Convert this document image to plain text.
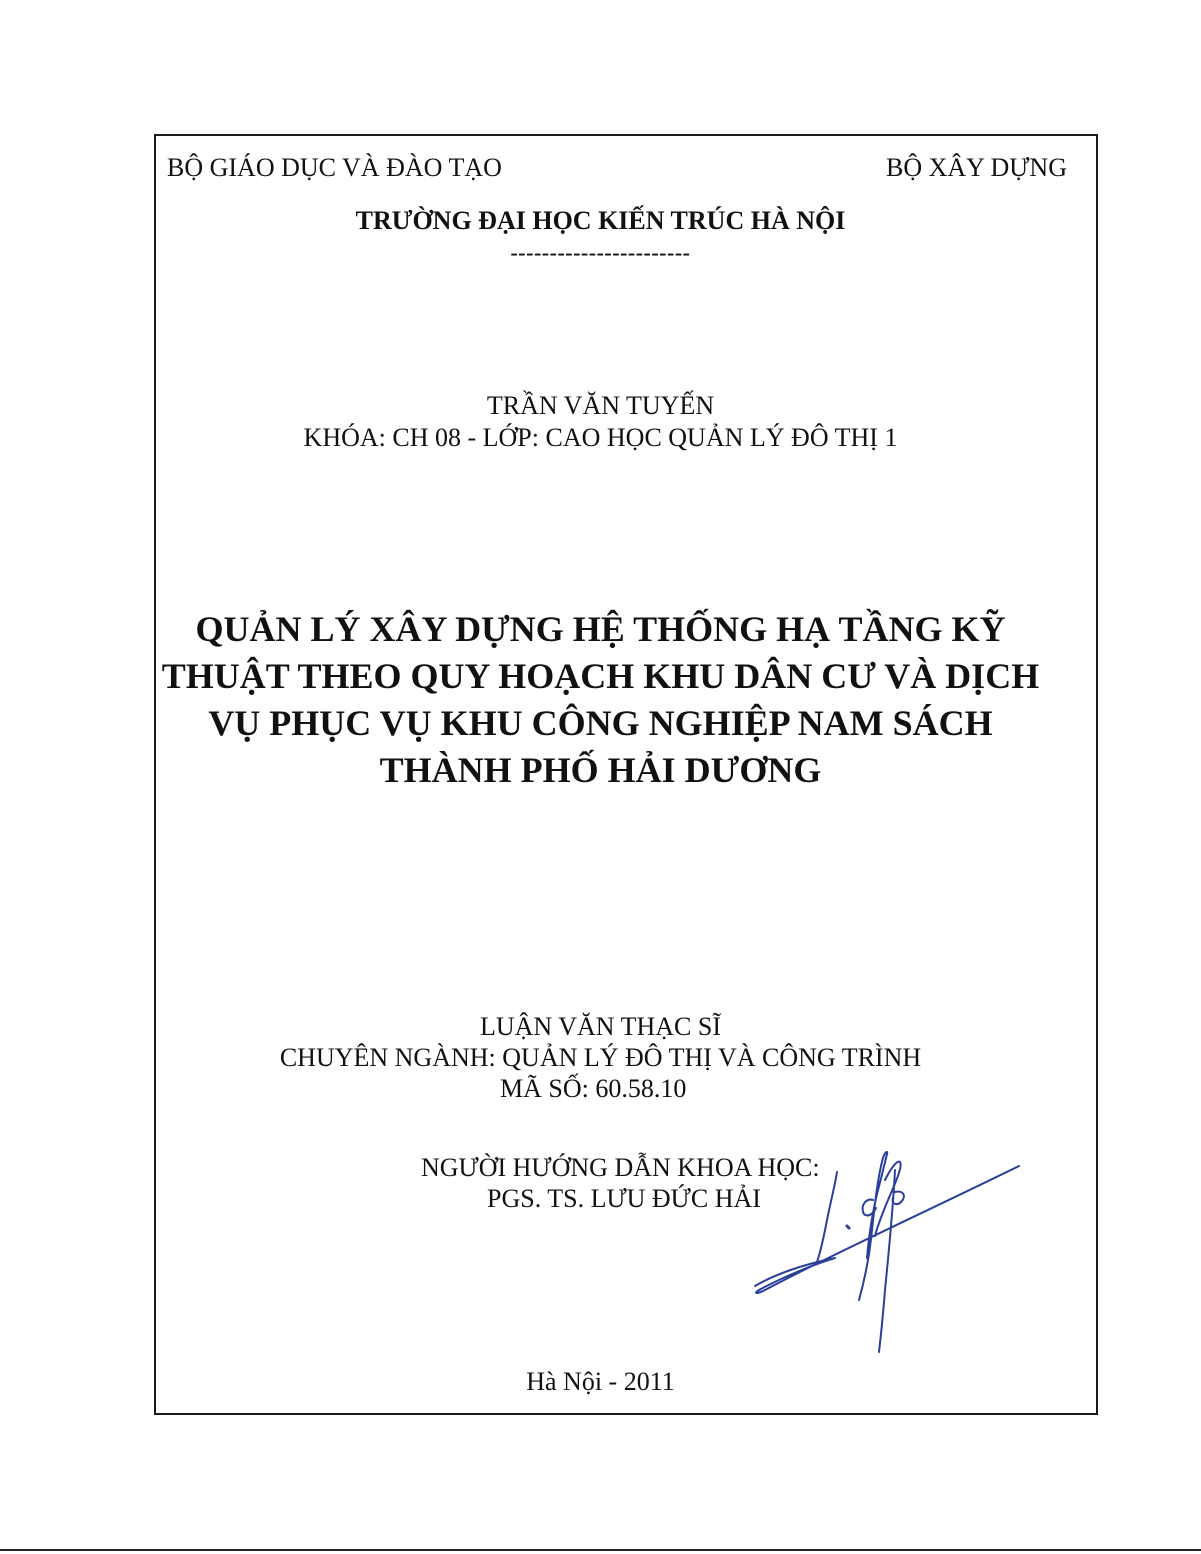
BỘ GIÁO DỤC VÀ ĐÀO TẠO	BỘ XÂY DỰNG
TRƯỜNG ĐẠI HỌC KIẾN TRÚC HÀ NỘI
-----------------------
TRẦN VĂN TUYẾN
KHÓA: CH 08 - LỚP: CAO HỌC QUẢN LÝ ĐÔ THỊ 1
QUẢN LÝ XÂY DỰNG HỆ THỐNG HẠ TẦNG KỸ
THUẬT THEO QUY HOẠCH KHU DÂN CƯ VÀ DỊCH
VỤ PHỤC VỤ KHU CÔNG NGHIỆP NAM SÁCH
THÀNH PHỐ HẢI DƯƠNG
LUẬN VĂN THẠC SĨ
CHUYÊN NGÀNH: QUẢN LÝ ĐÔ THỊ VÀ CÔNG TRÌNH
MÃ SỐ: 60.58.10
NGƯỜI HƯỚNG DẪN KHOA HỌC:
PGS. TS. LƯU ĐỨC HẢI
Hà Nội - 2011
